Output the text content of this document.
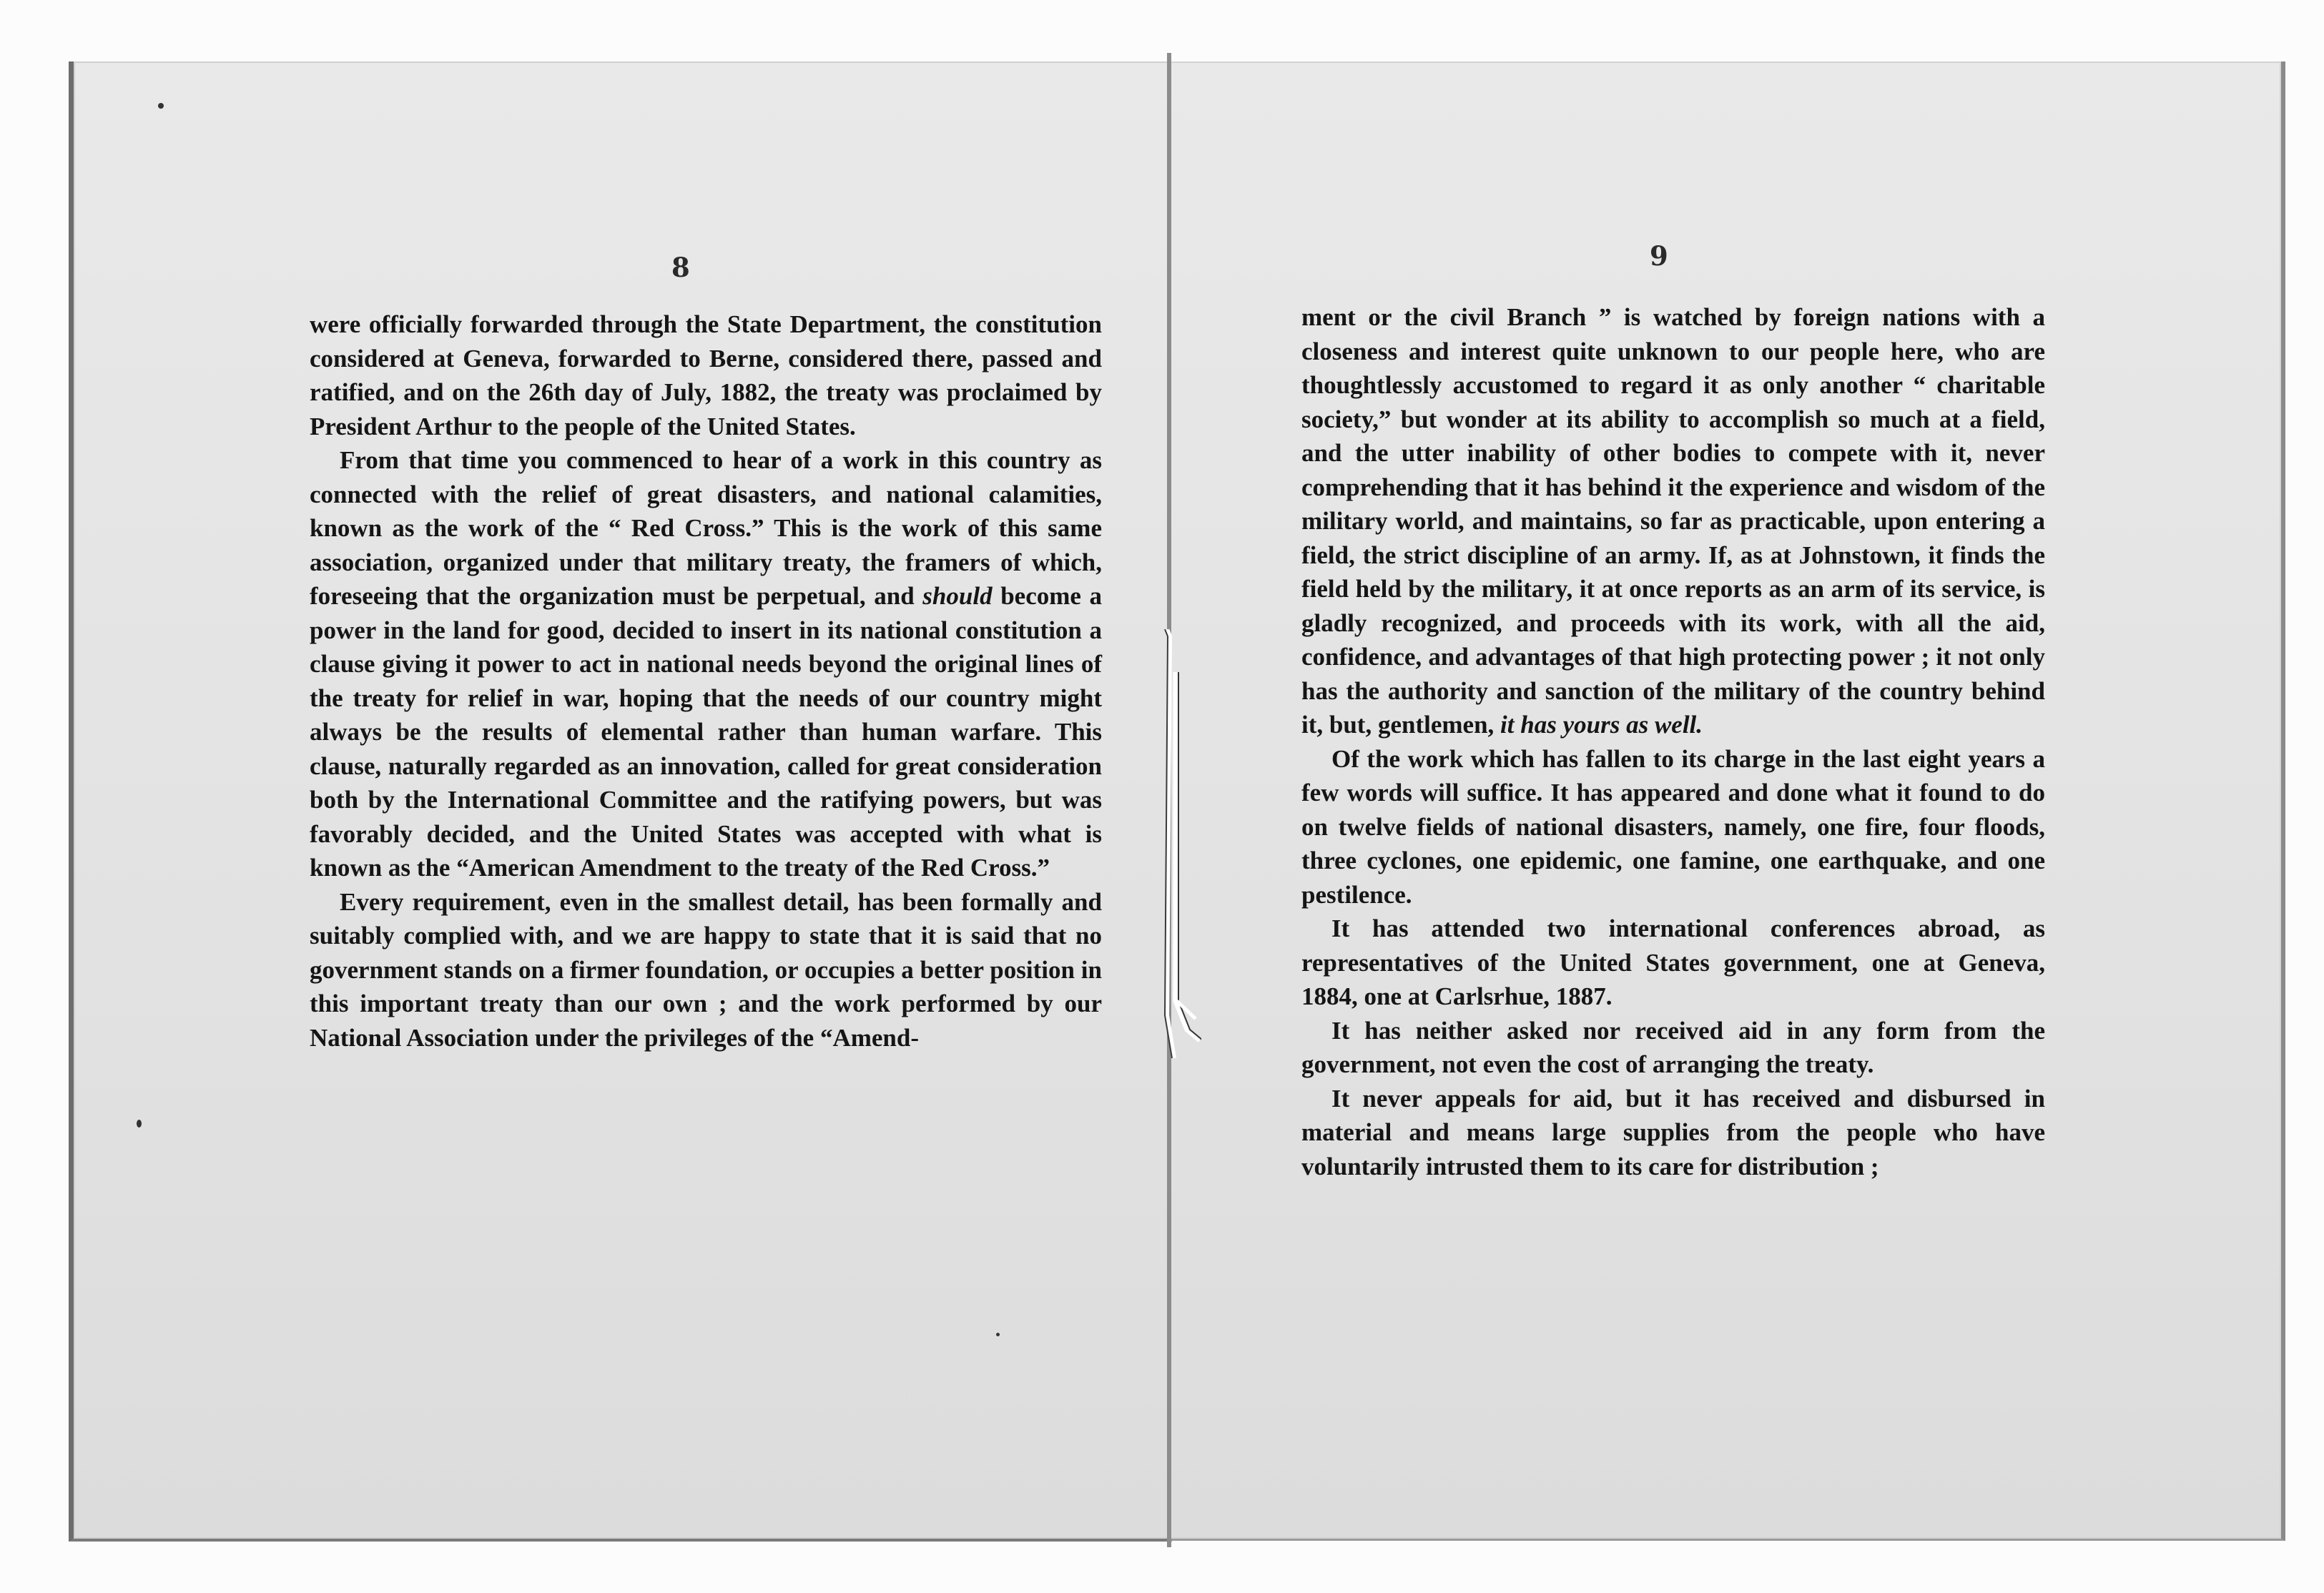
8

were officially forwarded through the State Department, the constitution considered at Geneva, forwarded to Berne, considered there, passed and ratified, and on the 26th day of July, 1882, the treaty was proclaimed by President Arthur to the people of the United States.

From that time you commenced to hear of a work in this country as connected with the relief of great disasters, and national calamities, known as the work of the “ Red Cross.” This is the work of this same association, organized under that military treaty, the framers of which, foreseeing that the organization must be perpetual, and should become a power in the land for good, decided to insert in its national constitution a clause giving it power to act in national needs beyond the original lines of the treaty for relief in war, hoping that the needs of our country might always be the results of elemental rather than human warfare. This clause, naturally regarded as an innovation, called for great consideration both by the International Committee and the ratifying powers, but was favorably decided, and the United States was accepted with what is known as the “American Amendment to the treaty of the Red Cross.”

Every requirement, even in the smallest detail, has been formally and suitably complied with, and we are happy to state that it is said that no government stands on a firmer foundation, or occupies a better position in this important treaty than our own ; and the work performed by our National Association under the privileges of the “Amend-

9

ment or the civil Branch ” is watched by foreign nations with a closeness and interest quite unknown to our people here, who are thoughtlessly accustomed to regard it as only another “ charitable society,” but wonder at its ability to accomplish so much at a field, and the utter inability of other bodies to compete with it, never comprehending that it has behind it the experience and wisdom of the military world, and maintains, so far as practicable, upon entering a field, the strict discipline of an army. If, as at Johnstown, it finds the field held by the military, it at once reports as an arm of its service, is gladly recognized, and proceeds with its work, with all the aid, confidence, and advantages of that high protecting power ; it not only has the authority and sanction of the military of the country behind it, but, gentlemen, it has yours as well.

Of the work which has fallen to its charge in the last eight years a few words will suffice. It has appeared and done what it found to do on twelve fields of national disasters, namely, one fire, four floods, three cyclones, one epidemic, one famine, one earthquake, and one pestilence.

It has attended two international conferences abroad, as representatives of the United States government, one at Geneva, 1884, one at Carlsrhue, 1887.

It has neither asked nor received aid in any form from the government, not even the cost of arranging the treaty.

It never appeals for aid, but it has received and disbursed in material and means large supplies from the people who have voluntarily intrusted them to its care for distribution ;
